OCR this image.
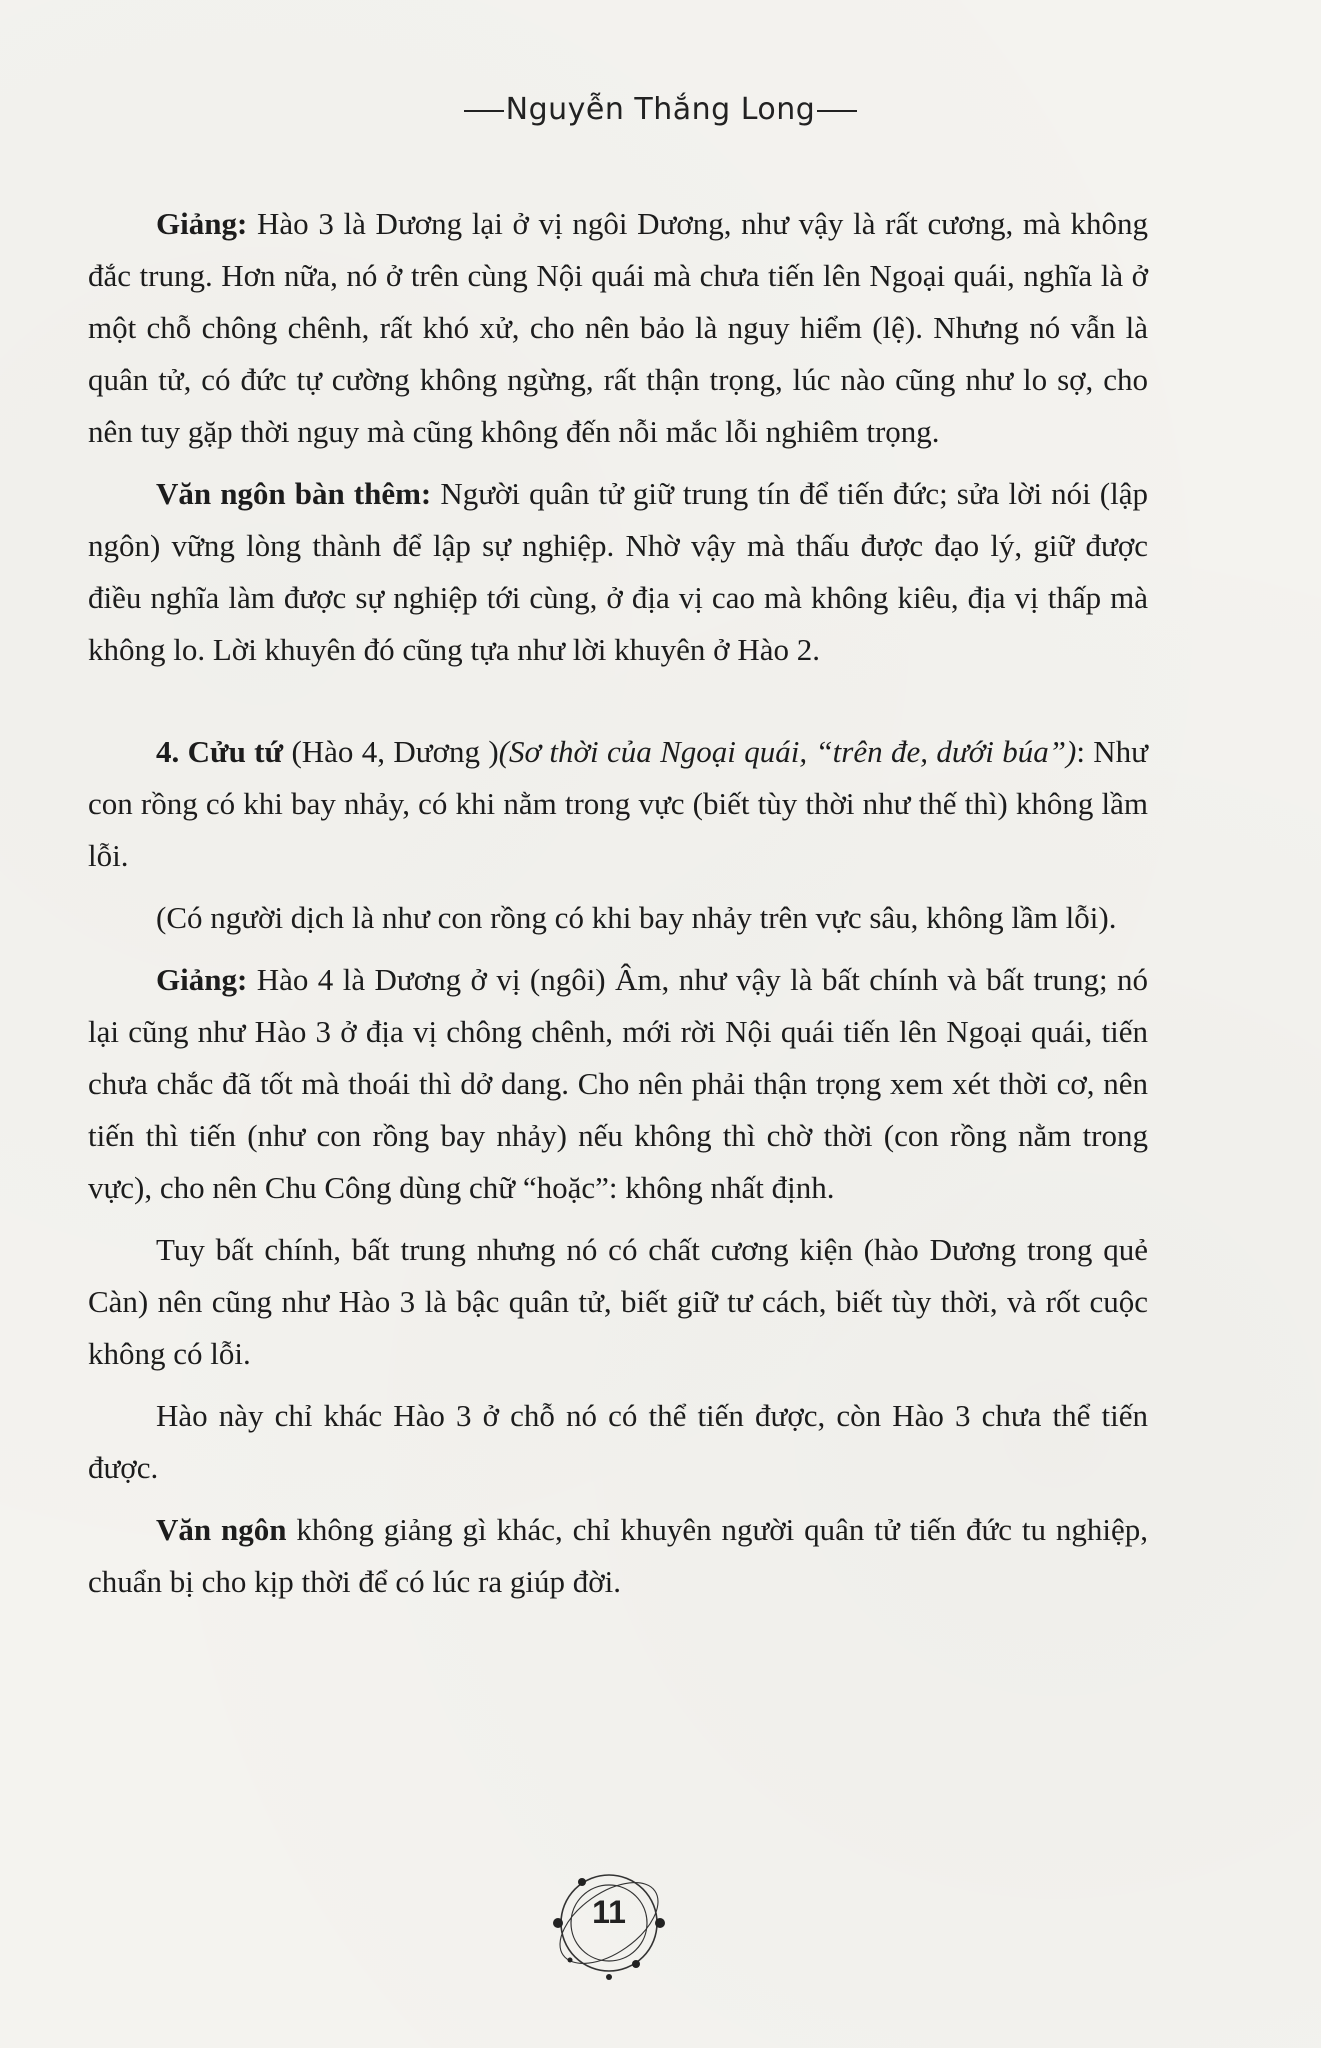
Nguyễn Thắng Long

Giảng: Hào 3 là Dương lại ở vị ngôi Dương, như vậy là rất cương, mà không đắc trung. Hơn nữa, nó ở trên cùng Nội quái mà chưa tiến lên Ngoại quái, nghĩa là ở một chỗ chông chênh, rất khó xử, cho nên bảo là nguy hiểm (lệ). Nhưng nó vẫn là quân tử, có đức tự cường không ngừng, rất thận trọng, lúc nào cũng như lo sợ, cho nên tuy gặp thời nguy mà cũng không đến nỗi mắc lỗi nghiêm trọng.

Văn ngôn bàn thêm: Người quân tử giữ trung tín để tiến đức; sửa lời nói (lập ngôn) vững lòng thành để lập sự nghiệp. Nhờ vậy mà thấu được đạo lý, giữ được điều nghĩa làm được sự nghiệp tới cùng, ở địa vị cao mà không kiêu, địa vị thấp mà không lo. Lời khuyên đó cũng tựa như lời khuyên ở Hào 2.

4. Cửu tứ (Hào 4, Dương )(Sơ thời của Ngoại quái, “trên đe, dưới búa”): Như con rồng có khi bay nhảy, có khi nằm trong vực (biết tùy thời như thế thì) không lầm lỗi.

(Có người dịch là như con rồng có khi bay nhảy trên vực sâu, không lầm lỗi).

Giảng: Hào 4 là Dương ở vị (ngôi) Âm, như vậy là bất chính và bất trung; nó lại cũng như Hào 3 ở địa vị chông chênh, mới rời Nội quái tiến lên Ngoại quái, tiến chưa chắc đã tốt mà thoái thì dở dang. Cho nên phải thận trọng xem xét thời cơ, nên tiến thì tiến (như con rồng bay nhảy) nếu không thì chờ thời (con rồng nằm trong vực), cho nên Chu Công dùng chữ “hoặc”: không nhất định.

Tuy bất chính, bất trung nhưng nó có chất cương kiện (hào Dương trong quẻ Càn) nên cũng như Hào 3 là bậc quân tử, biết giữ tư cách, biết tùy thời, và rốt cuộc không có lỗi.

Hào này chỉ khác Hào 3 ở chỗ nó có thể tiến được, còn Hào 3 chưa thể tiến được.

Văn ngôn không giảng gì khác, chỉ khuyên người quân tử tiến đức tu nghiệp, chuẩn bị cho kịp thời để có lúc ra giúp đời.

11
